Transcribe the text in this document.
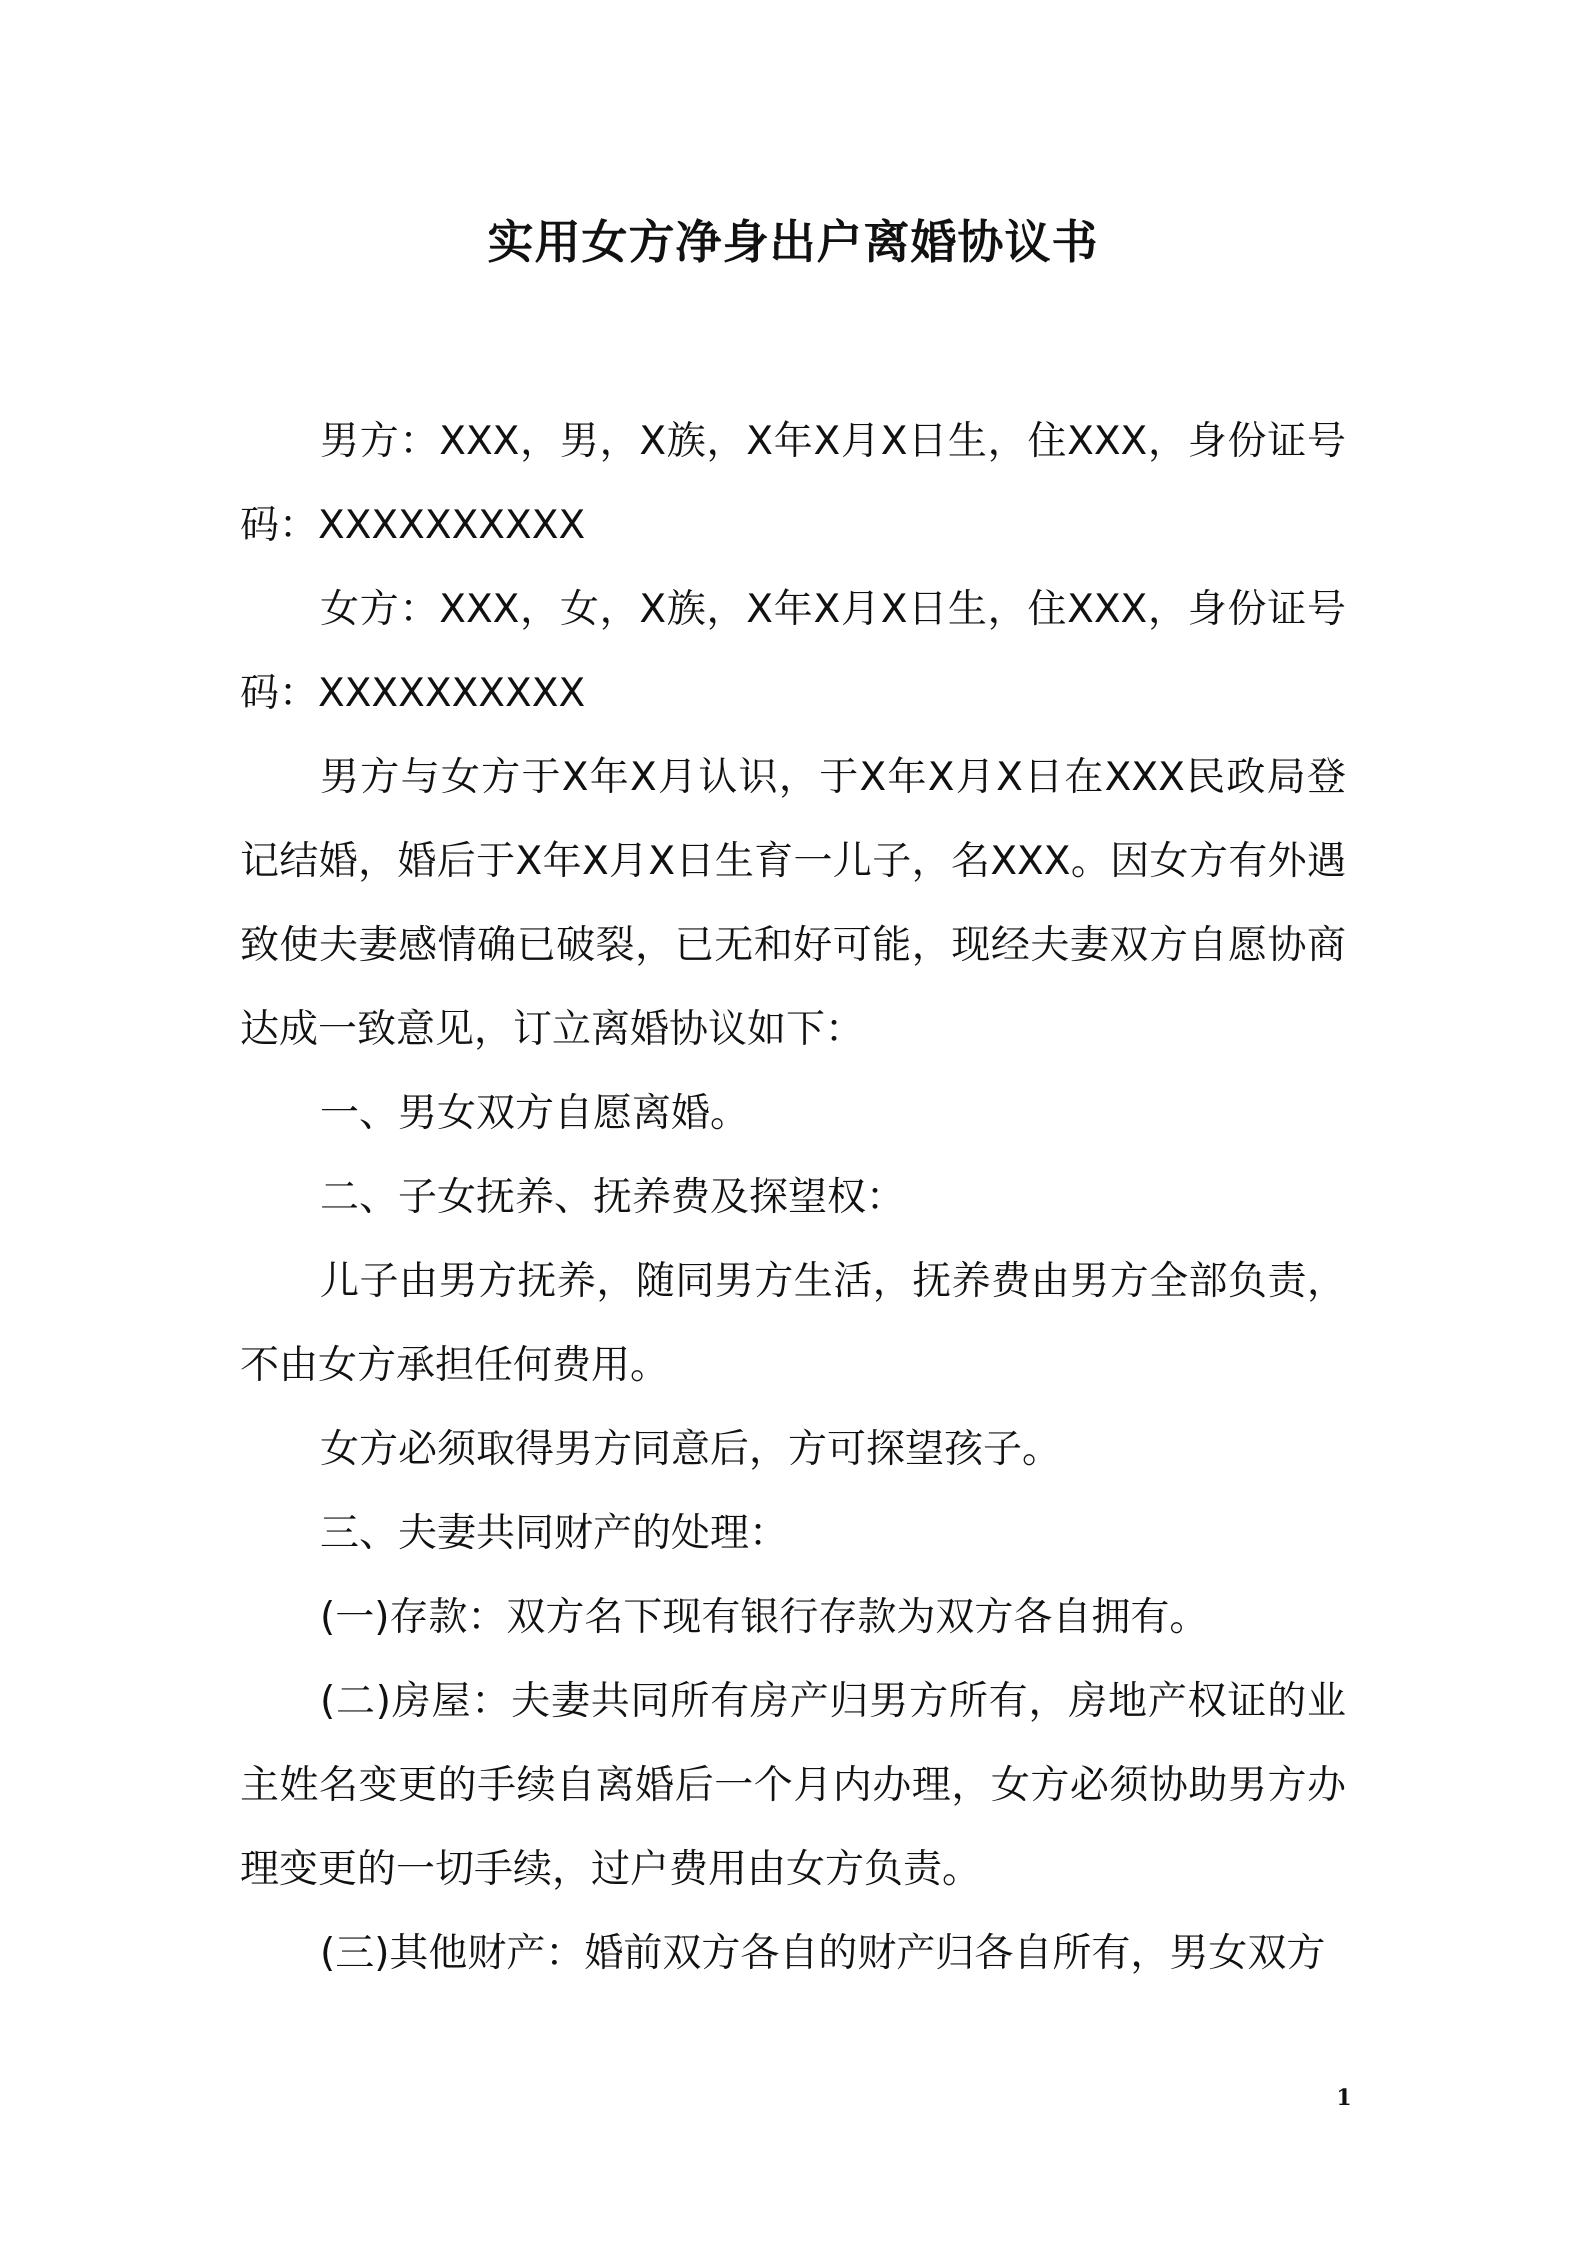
实用女方净身出户离婚协议书

男方：XXX，男，X族，X年X月X日生，住XXX，身份证号码：XXXXXXXXXX

女方：XXX，女，X族，X年X月X日生，住XXX，身份证号码：XXXXXXXXXX

男方与女方于X年X月认识，于X年X月X日在XXX民政局登记结婚，婚后于X年X月X日生育一儿子，名XXX。因女方有外遇致使夫妻感情确已破裂，已无和好可能，现经夫妻双方自愿协商达成一致意见，订立离婚协议如下：

一、男女双方自愿离婚。

二、子女抚养、抚养费及探望权：

儿子由男方抚养，随同男方生活，抚养费由男方全部负责，不由女方承担任何费用。

女方必须取得男方同意后，方可探望孩子。

三、夫妻共同财产的处理：

(一)存款：双方名下现有银行存款为双方各自拥有。

(二)房屋：夫妻共同所有房产归男方所有，房地产权证的业主姓名变更的手续自离婚后一个月内办理，女方必须协助男方办理变更的一切手续，过户费用由女方负责。

(三)其他财产：婚前双方各自的财产归各自所有，男女双方

1
